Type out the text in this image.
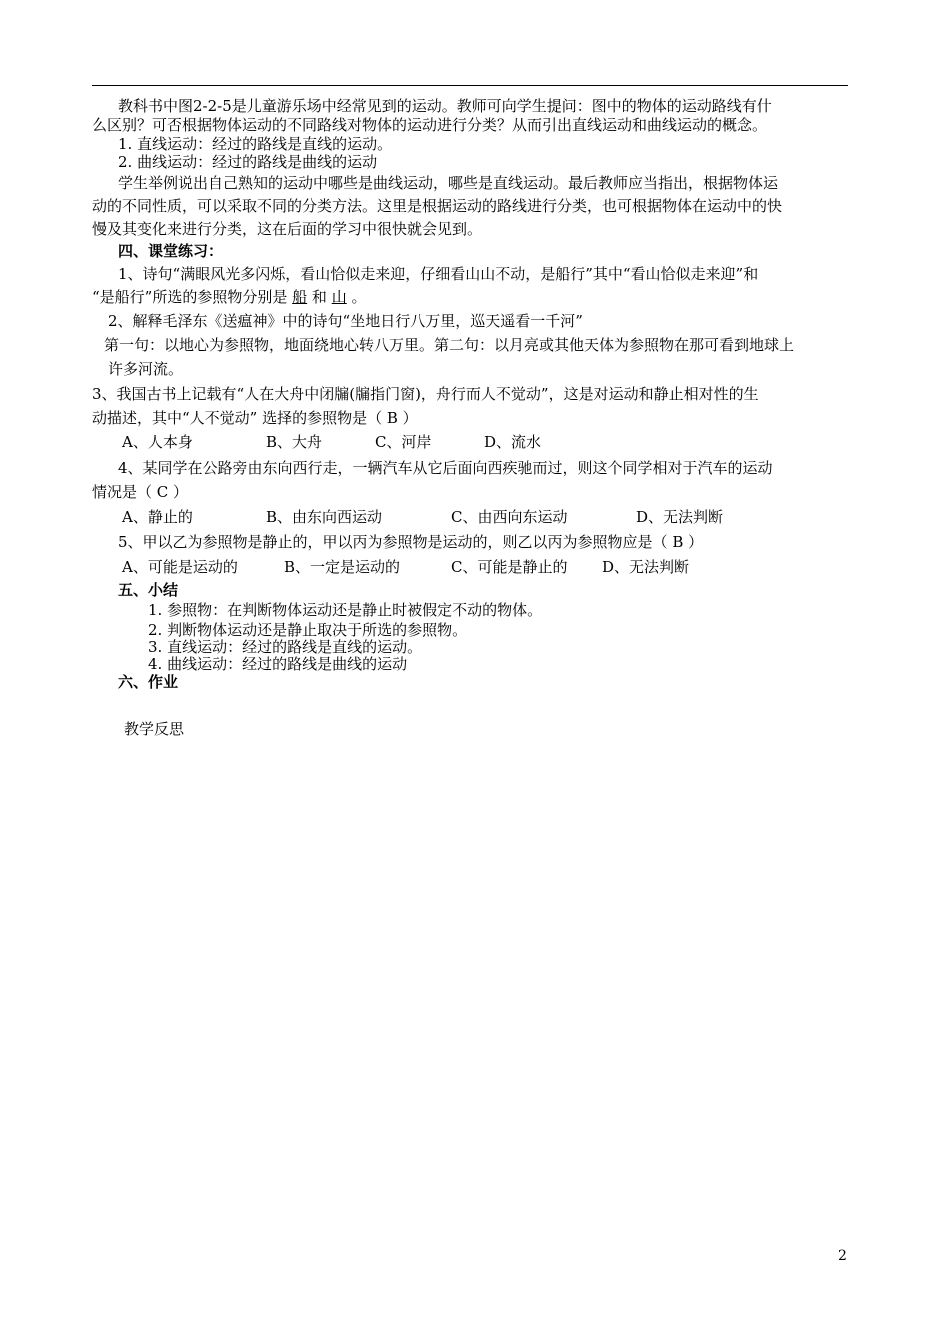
教科书中图2-2-5是儿童游乐场中经常见到的运动。教师可向学生提问：图中的物体的运动路线有什
么区别？可否根据物体运动的不同路线对物体的运动进行分类？从而引出直线运动和曲线运动的概念。
1. 直线运动：经过的路线是直线的运动。
2. 曲线运动：经过的路线是曲线的运动
学生举例说出自己熟知的运动中哪些是曲线运动，哪些是直线运动。最后教师应当指出，根据物体运
动的不同性质，可以采取不同的分类方法。这里是根据运动的路线进行分类，也可根据物体在运动中的快
慢及其变化来进行分类，这在后面的学习中很快就会见到。
四、课堂练习：
1、诗句“满眼风光多闪烁，看山恰似走来迎，仔细看山山不动，是船行”其中“看山恰似走来迎”和
“是船行”所选的参照物分别是 船 和 山 。
2、解释毛泽东《送瘟神》中的诗句“坐地日行八万里，巡天遥看一千河”
第一句：以地心为参照物，地面绕地心转八万里。第二句：以月亮或其他天体为参照物在那可看到地球上
许多河流。
3、我国古书上记载有“人在大舟中闭牖(牖指门窗)，舟行而人不觉动”，这是对运动和静止相对性的生
动描述，其中“人不觉动” 选择的参照物是（ B ）
A、人本身	B、大舟	C、河岸	D、流水
4、某同学在公路旁由东向西行走，一辆汽车从它后面向西疾驰而过，则这个同学相对于汽车的运动
情况是（ C ）
A、静止的	B、由东向西运动	C、由西向东运动	D、无法判断
5、甲以乙为参照物是静止的，甲以丙为参照物是运动的，则乙以丙为参照物应是（ B ）
A、可能是运动的	B、一定是运动的	C、可能是静止的 D、无法判断
五、小结
1. 参照物：在判断物体运动还是静止时被假定不动的物体。
2. 判断物体运动还是静止取决于所选的参照物。
3. 直线运动：经过的路线是直线的运动。
4. 曲线运动：经过的路线是曲线的运动
六、作业
教学反思
2
